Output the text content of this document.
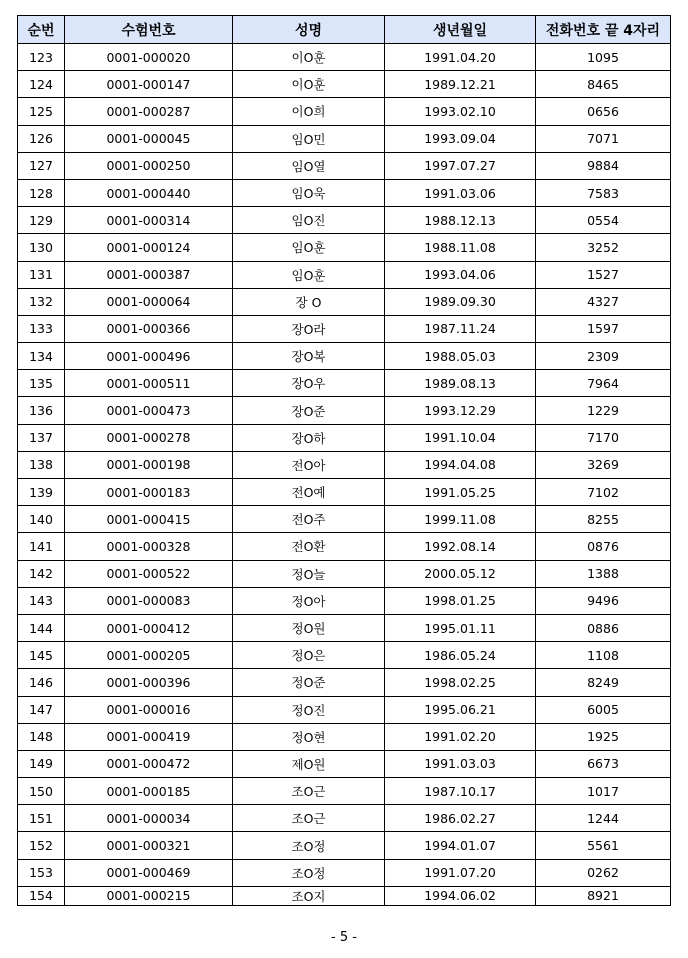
순번	수험번호	성명	생년월일	전화번호 끝 4자리
123	0001-000020	이O훈	1991.04.20	1095
124	0001-000147	이O훈	1989.12.21	8465
125	0001-000287	이O희	1993.02.10	0656
126	0001-000045	임O민	1993.09.04	7071
127	0001-000250	임O열	1997.07.27	9884
128	0001-000440	임O욱	1991.03.06	7583
129	0001-000314	임O진	1988.12.13	0554
130	0001-000124	임O훈	1988.11.08	3252
131	0001-000387	임O훈	1993.04.06	1527
132	0001-000064	장 O	1989.09.30	4327
133	0001-000366	장O라	1987.11.24	1597
134	0001-000496	장O복	1988.05.03	2309
135	0001-000511	장O우	1989.08.13	7964
136	0001-000473	장O준	1993.12.29	1229
137	0001-000278	장O하	1991.10.04	7170
138	0001-000198	전O아	1994.04.08	3269
139	0001-000183	전O예	1991.05.25	7102
140	0001-000415	전O주	1999.11.08	8255
141	0001-000328	전O환	1992.08.14	0876
142	0001-000522	정O늘	2000.05.12	1388
143	0001-000083	정O아	1998.01.25	9496
144	0001-000412	정O원	1995.01.11	0886
145	0001-000205	정O은	1986.05.24	1108
146	0001-000396	정O준	1998.02.25	8249
147	0001-000016	정O진	1995.06.21	6005
148	0001-000419	정O현	1991.02.20	1925
149	0001-000472	제O원	1991.03.03	6673
150	0001-000185	조O근	1987.10.17	1017
151	0001-000034	조O근	1986.02.27	1244
152	0001-000321	조O정	1994.01.07	5561
153	0001-000469	조O정	1991.07.20	0262
154	0001-000215	조O지	1994.06.02	8921
- 5 -
